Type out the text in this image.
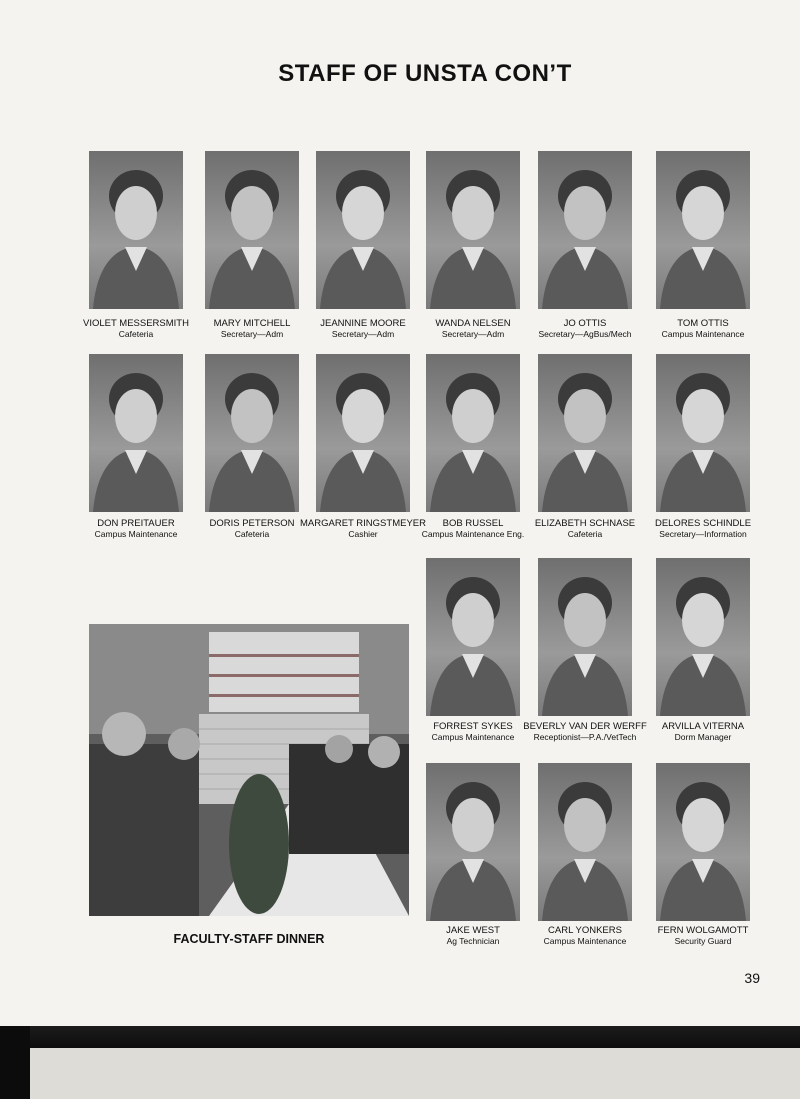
STAFF OF UNSTA CON’T
VIOLET MESSERSMITH
Cafeteria
MARY MITCHELL
Secretary—Adm
JEANNINE MOORE
Secretary—Adm
WANDA NELSEN
Secretary—Adm
JO OTTIS
Secretary—AgBus/Mech
TOM OTTIS
Campus Maintenance
DON PREITAUER
Campus Maintenance
DORIS PETERSON
Cafeteria
MARGARET RINGSTMEYER
Cashier
BOB RUSSEL
Campus Maintenance Eng.
ELIZABETH SCHNASE
Cafeteria
DELORES SCHINDLE
Secretary—Information
FORREST SYKES
Campus Maintenance
BEVERLY VAN DER WERFF
Receptionist—P.A./VetTech
ARVILLA VITERNA
Dorm Manager
JAKE WEST
Ag Technician
CARL YONKERS
Campus Maintenance
FERN WOLGAMOTT
Security Guard
FACULTY-STAFF DINNER
39
